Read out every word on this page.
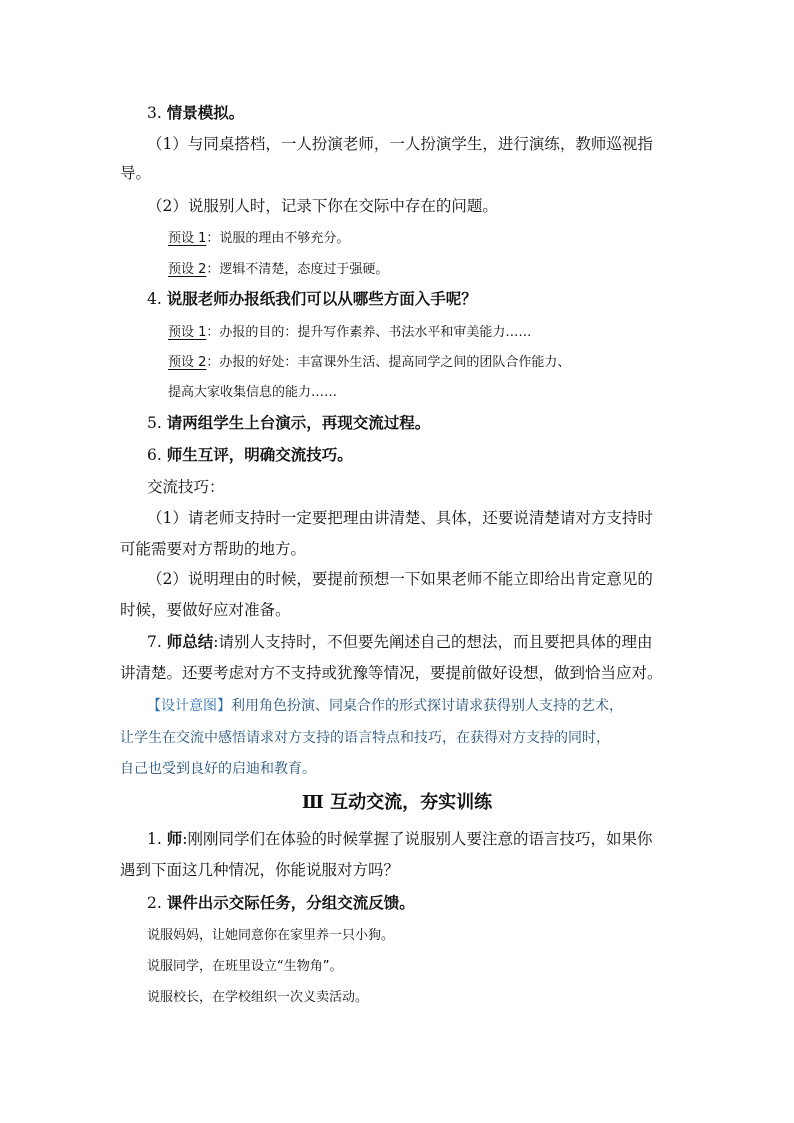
3. 情景模拟。
（1）与同桌搭档，一人扮演老师，一人扮演学生，进行演练，教师巡视指
导。
（2）说服别人时，记录下你在交际中存在的问题。
预设 1：说服的理由不够充分。
预设 2：逻辑不清楚，态度过于强硬。
4. 说服老师办报纸我们可以从哪些方面入手呢？
预设 1：办报的目的：提升写作素养、书法水平和审美能力……
预设 2：办报的好处：丰富课外生活、提高同学之间的团队合作能力、
提高大家收集信息的能力……
5. 请两组学生上台演示，再现交流过程。
6. 师生互评，明确交流技巧。
交流技巧：
（1）请老师支持时一定要把理由讲清楚、具体，还要说清楚请对方支持时
可能需要对方帮助的地方。
（2）说明理由的时候，要提前预想一下如果老师不能立即给出肯定意见的
时候，要做好应对准备。
7. 师总结:请别人支持时，不但要先阐述自己的想法，而且要把具体的理由
讲清楚。还要考虑对方不支持或犹豫等情况，要提前做好设想，做到恰当应对。
【设计意图】利用角色扮演、同桌合作的形式探讨请求获得别人支持的艺术，
让学生在交流中感悟请求对方支持的语言特点和技巧，在获得对方支持的同时，
自己也受到良好的启迪和教育。
Ⅲ 互动交流，夯实训练
1. 师:刚刚同学们在体验的时候掌握了说服别人要注意的语言技巧，如果你
遇到下面这几种情况，你能说服对方吗？
2. 课件出示交际任务，分组交流反馈。
说服妈妈，让她同意你在家里养一只小狗。
说服同学，在班里设立“生物角”。
说服校长，在学校组织一次义卖活动。
